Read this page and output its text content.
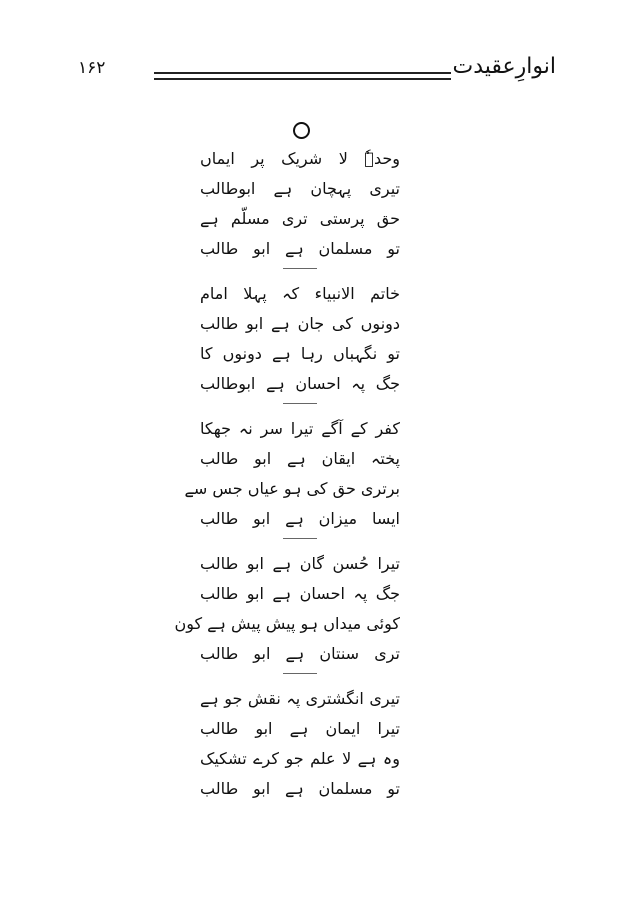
انوارِعقیدت
۱۶۲
وحدہٗ لا شریک پر ایماں
تیری پہچان ہے ابوطالب
حق پرستی تری مسلّم ہے
تو مسلمان ہے ابو طالب
خاتم الانبیاء کہ پہلا امام
دونوں کی جان ہے ابو طالب
تو نگہباں رہا ہے دونوں کا
جگ پہ احسان ہے ابوطالب
کفر کے آگے تیرا سر نہ جھکا
پختہ ایقان ہے ابو طالب
برتری حق کی ہو عیاں جس سے
ایسا میزان ہے ابو طالب
تیرا حُسن گان ہے ابو طالب
جگ پہ احسان ہے ابو طالب
کوئی میداں ہو پیش پیش ہے کون
تری سنتان ہے ابو طالب
تیری انگشتری پہ نقش جو ہے
تیرا ایمان ہے ابو طالب
وہ ہے لا علم جو کرے تشکیک
تو مسلمان ہے ابو طالب
